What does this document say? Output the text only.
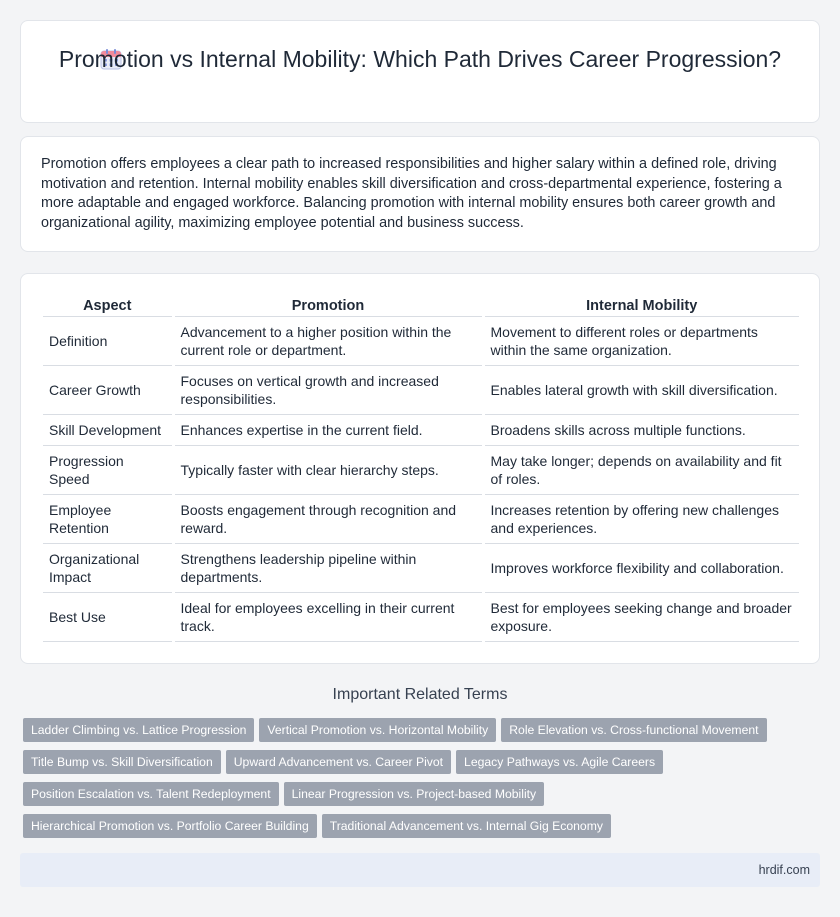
Promotion vs Internal Mobility: Which Path Drives Career Progression?

Promotion offers employees a clear path to increased responsibilities and higher salary within a defined role, driving motivation and retention. Internal mobility enables skill diversification and cross-departmental experience, fostering a more adaptable and engaged workforce. Balancing promotion with internal mobility ensures both career growth and organizational agility, maximizing employee potential and business success.

Aspect	Promotion	Internal Mobility
Definition	Advancement to a higher position within the current role or department.	Movement to different roles or departments within the same organization.
Career Growth	Focuses on vertical growth and increased responsibilities.	Enables lateral growth with skill diversification.
Skill Development	Enhances expertise in the current field.	Broadens skills across multiple functions.
Progression Speed	Typically faster with clear hierarchy steps.	May take longer; depends on availability and fit of roles.
Employee Retention	Boosts engagement through recognition and reward.	Increases retention by offering new challenges and experiences.
Organizational Impact	Strengthens leadership pipeline within departments.	Improves workforce flexibility and collaboration.
Best Use	Ideal for employees excelling in their current track.	Best for employees seeking change and broader exposure.
Important Related Terms
Ladder Climbing vs. Lattice Progression Vertical Promotion vs. Horizontal Mobility Role Elevation vs. Cross-functional Movement
Title Bump vs. Skill Diversification Upward Advancement vs. Career Pivot Legacy Pathways vs. Agile Careers
Position Escalation vs. Talent Redeployment Linear Progression vs. Project-based Mobility
Hierarchical Promotion vs. Portfolio Career Building Traditional Advancement vs. Internal Gig Economy
hrdif.com
